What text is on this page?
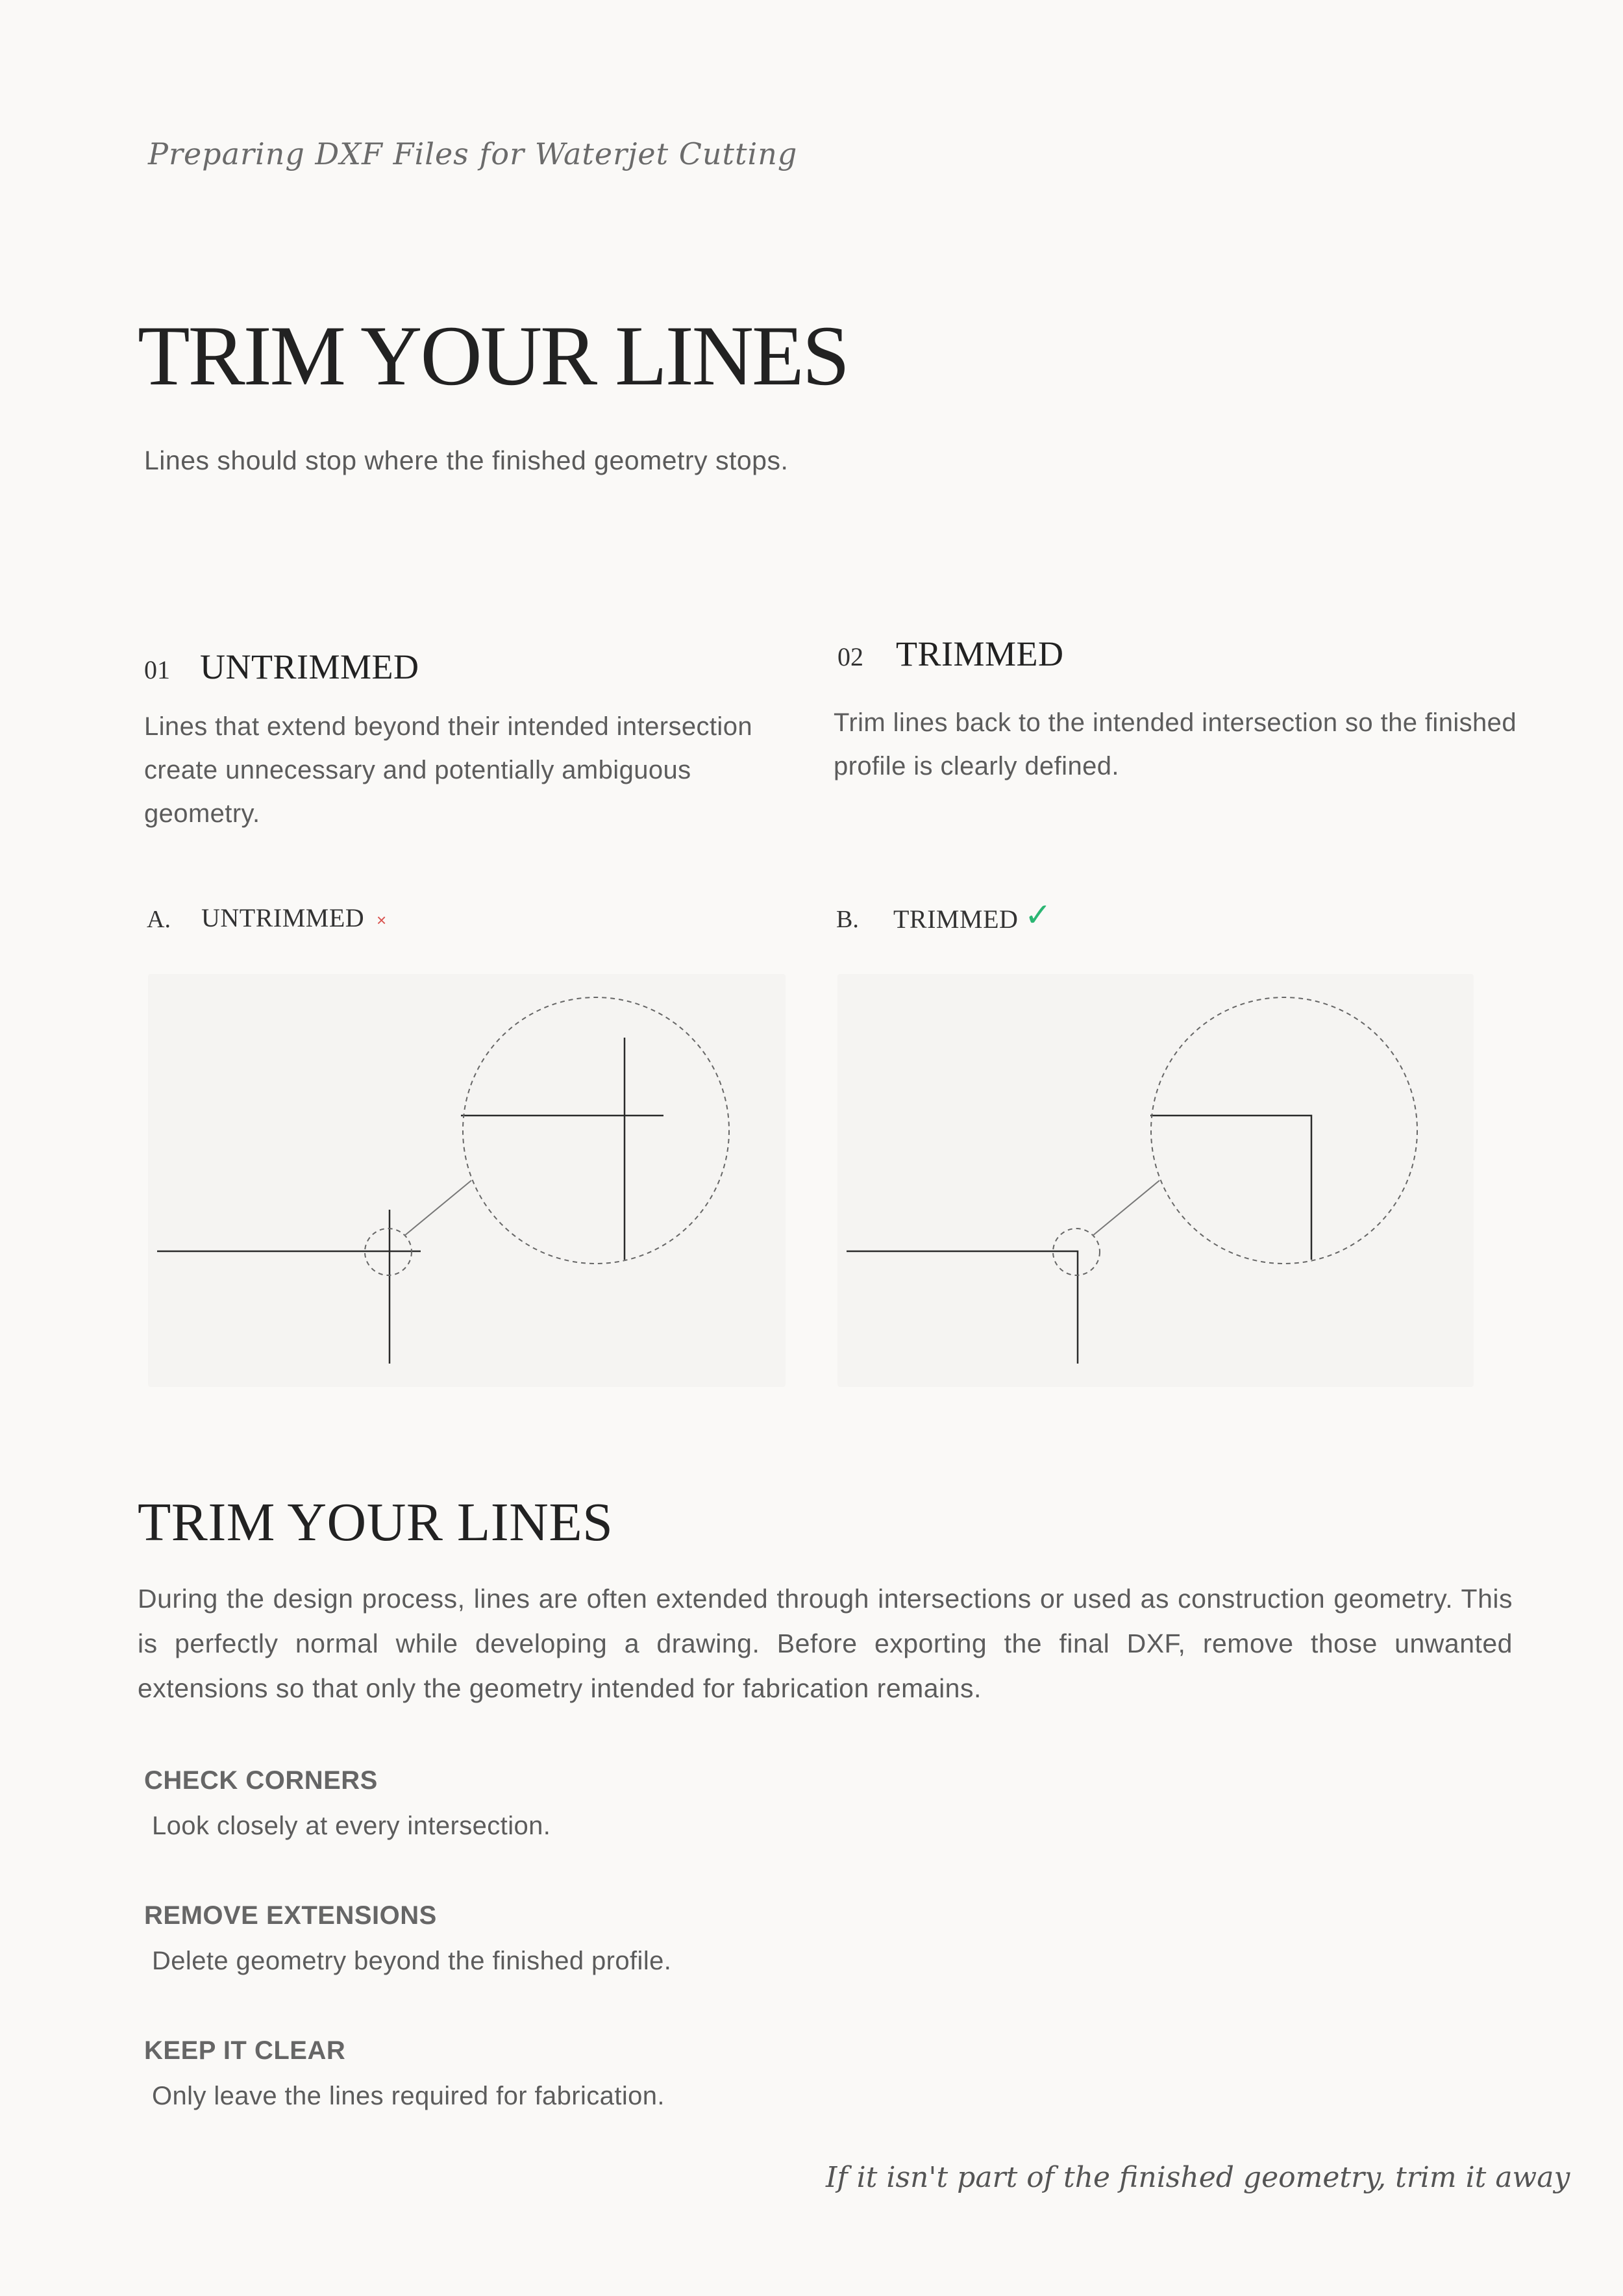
Preparing DXF Files for Waterjet Cutting
TRIM YOUR LINES
Lines should stop where the finished geometry stops.
01 UNTRIMMED
Lines that extend beyond their intended intersection create unnecessary and potentially ambiguous geometry.
02 TRIMMED
Trim lines back to the intended intersection so the finished profile is clearly defined.
A. UNTRIMMED ×	B. TRIMMED ✓
TRIM YOUR LINES
During the design process, lines are often extended through intersections or used as construction geometry. This is perfectly normal while developing a drawing. Before exporting the final DXF, remove those unwanted extensions so that only the geometry intended for fabrication remains.
CHECK CORNERS
Look closely at every intersection.
REMOVE EXTENSIONS
Delete geometry beyond the finished profile.
KEEP IT CLEAR
Only leave the lines required for fabrication.
If it isn't part of the finished geometry, trim it away
